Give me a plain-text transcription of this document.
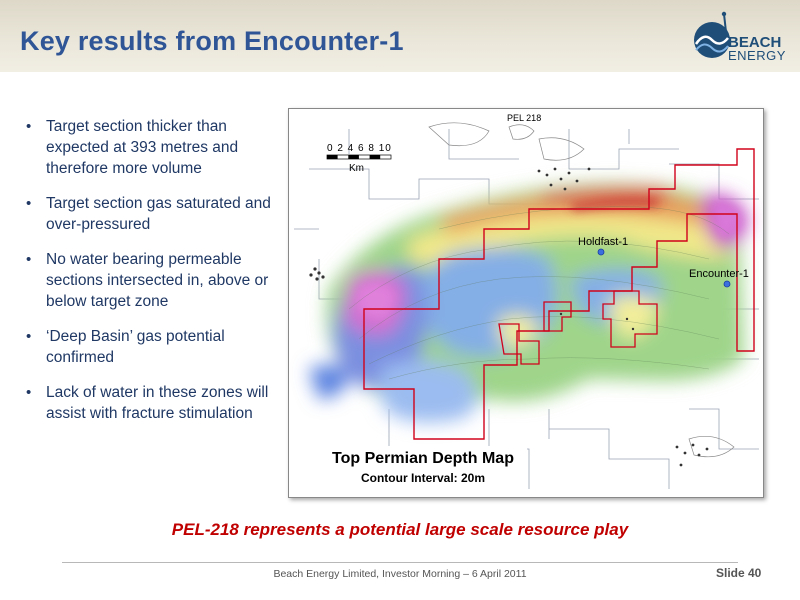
Key results from Encounter-1	BEACH
ENERGY
• Target section thicker than expected at 393 metres and therefore more volume
• Target section gas saturated and over-pressured
• No water bearing permeable sections intersected in, above or below target zone
• ‘Deep Basin’ gas potential confirmed
• Lack of water in these zones will assist with fracture stimulation
Holdfast-1
Encounter-1
PEL 218
0 2 4 6 8 10
Km
Top Permian Depth Map
Contour Interval: 20m
PEL-218 represents a potential large scale resource play
Beach Energy Limited, Investor Morning – 6 April 2011	Slide 40
